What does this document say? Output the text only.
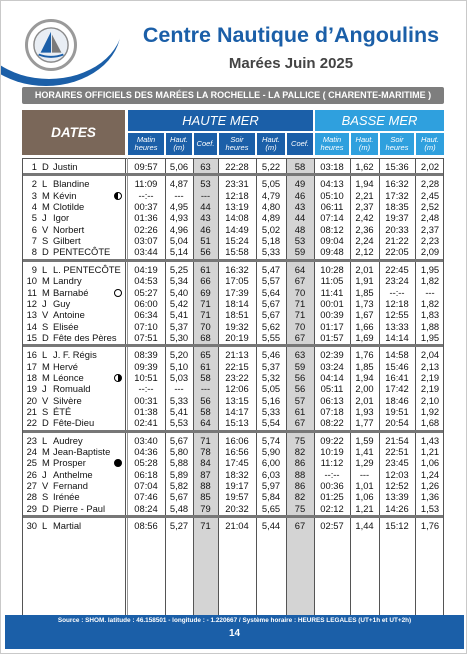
Centre Nautique d’Angoulins
Marées Juin 2025
HORAIRES OFFICIELS DES MARÉES LA ROCHELLE - LA PALLICE ( CHARENTE-MARITIME )
DATES
HAUTE MER	BASSE MER
Matin heures
Haut. (m)	Coef.	Soir heures
Haut. (m)	Coef.	Matin heures
Haut. (m)
Soir heures
Haut. (m)
1 D Justin	09:57	5,06	63	22:28	5,22	58	03:18	1,62	15:36	2,02
2 L Blandine	11:09	4,87	53	23:31	5,05	49	04:13	1,94	16:32	2,28
3 M Kévin	--:--	---	---	12:18	4,79	46	05:10	2,21	17:32	2,45
4 M Clotilde	00:37	4,95	44	13:19	4,80	43	06:11	2,37	18:35	2,52
5 J Igor	01:36	4,93	43	14:08	4,89	44	07:14	2,42	19:37	2,48
6 V Norbert	02:26	4,96	46	14:49	5,02	48	08:12	2,36	20:33	2,37
7 S Gilbert	03:07	5,04	51	15:24	5,18	53	09:04	2,24	21:22	2,23
8 D PENTECÔTE	03:44	5,14	56	15:58	5,33	59	09:48	2,12	22:05	2,09
9 L L. PENTECÔTE	04:19	5,25	61	16:32	5,47	64	10:28	2,01	22:45	1,95
10 M Landry	04:53	5,34	66	17:05	5,57	67	11:05	1,91	23:24	1,82
11 M Barnabé	05:27	5,40	69	17:39	5,64	70	11:41	1,85	--:--	---
12 J Guy	06:00	5,42	71	18:14	5,67	71	00:01	1,73	12:18	1,82
13 V Antoine	06:34	5,41	71	18:51	5,67	71	00:39	1,67	12:55	1,83
14 S Elisée	07:10	5,37	70	19:32	5,62	70	01:17	1,66	13:33	1,88
15 D Fête des Pères	07:51	5,30	68	20:19	5,55	67	01:57	1,69	14:14	1,95
16 L J. F. Régis	08:39	5,20	65	21:13	5,46	63	02:39	1,76	14:58	2,04
17 M Hervé	09:39	5,10	61	22:15	5,37	59	03:24	1,85	15:46	2,13
18 M Léonce	10:51	5,03	58	23:22	5,32	56	04:14	1,94	16:41	2,19
19 J Romuald	--:--	---	---	12:06	5,05	56	05:11	2,00	17:42	2,19
20 V Silvère	00:31	5,33	56	13:15	5,16	57	06:13	2,01	18:46	2,10
21 S ÉTÉ	01:38	5,41	58	14:17	5,33	61	07:18	1,93	19:51	1,92
22 D Fête-Dieu	02:41	5,53	64	15:13	5,54	67	08:22	1,77	20:54	1,68
23 L Audrey	03:40	5,67	71	16:06	5,74	75	09:22	1,59	21:54	1,43
24 M Jean-Baptiste	04:36	5,80	78	16:56	5,90	82	10:19	1,41	22:51	1,21
25 M Prosper	05:28	5,88	84	17:45	6,00	86	11:12	1,29	23:45	1,06
26 J Anthelme	06:18	5,89	87	18:32	6,03	88	--:--	---	12:03	1,24
27 V Fernand	07:04	5,82	88	19:17	5,97	86	00:36	1,01	12:52	1,26
28 S Irénée	07:46	5,67	85	19:57	5,84	82	01:25	1,06	13:39	1,36
29 D Pierre - Paul	08:24	5,48	79	20:32	5,65	75	02:12	1,21	14:26	1,53
30 L Martial	08:56	5,27	71	21:04	5,44	67	02:57	1,44	15:12	1,76
Source : SHOM. latitude : 46.158501 - longitude : - 1.220667 / Système horaire : HEURES LEGALES (UT+1h et UT+2h)
14
